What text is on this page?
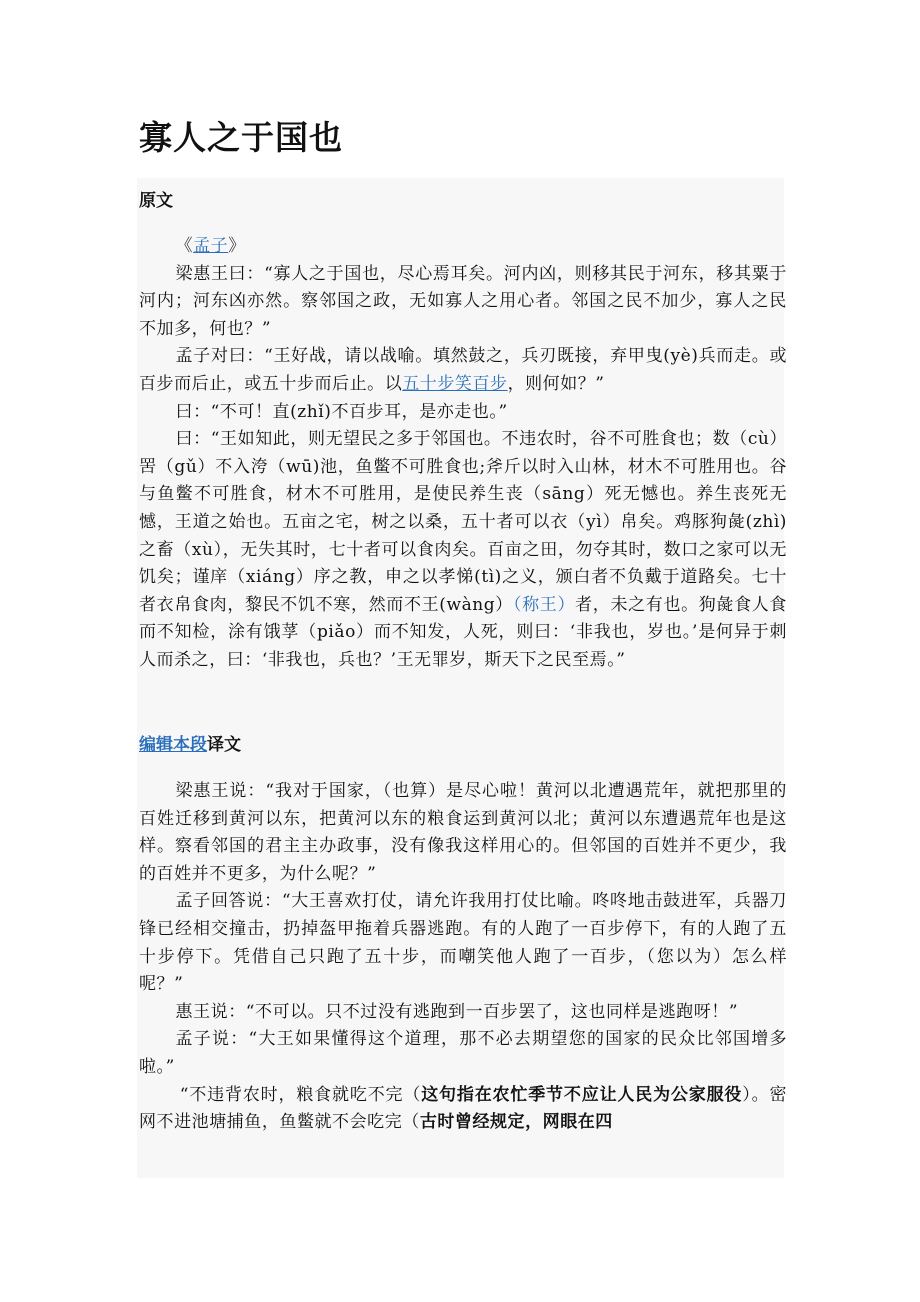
寡人之于国也
原文

《孟子》

梁惠王曰：“寡人之于国也，尽心焉耳矣。河内凶，则移其民于河东，移其粟于河内；河东凶亦然。察邻国之政，无如寡人之用心者。邻国之民不加少，寡人之民不加多，何也？”

孟子对曰：“王好战，请以战喻。填然鼓之，兵刃既接，弃甲曳(yè)兵而走。或百步而后止，或五十步而后止。以五十步笑百步，则何如？”

曰：“不可！直(zhǐ)不百步耳，是亦走也。”

曰：“王如知此，则无望民之多于邻国也。不违农时，谷不可胜食也；数（cù）罟（gǔ）不入洿（wū)池，鱼鳖不可胜食也;斧斤以时入山林，材木不可胜用也。谷与鱼鳖不可胜食，材木不可胜用，是使民养生丧（sāng）死无憾也。养生丧死无憾，王道之始也。五亩之宅，树之以桑，五十者可以衣（yì）帛矣。鸡豚狗彘(zhì)之畜（xù），无失其时，七十者可以食肉矣。百亩之田，勿夺其时，数口之家可以无饥矣；谨庠（xiáng）序之教，申之以孝悌(tì)之义，颁白者不负戴于道路矣。七十者衣帛食肉，黎民不饥不寒，然而不王(wàng）（称王）者，未之有也。狗彘食人食而不知检，涂有饿莩（piǎo）而不知发，人死，则曰：‘非我也，岁也。’是何异于刺人而杀之，曰：‘非我也，兵也？’王无罪岁，斯天下之民至焉。”

编辑本段译文

梁惠王说：“我对于国家，（也算）是尽心啦！黄河以北遭遇荒年，就把那里的百姓迁移到黄河以东，把黄河以东的粮食运到黄河以北；黄河以东遭遇荒年也是这样。察看邻国的君主主办政事，没有像我这样用心的。但邻国的百姓并不更少，我的百姓并不更多，为什么呢？”

孟子回答说：“大王喜欢打仗，请允许我用打仗比喻。咚咚地击鼓进军，兵器刀锋已经相交撞击，扔掉盔甲拖着兵器逃跑。有的人跑了一百步停下，有的人跑了五十步停下。凭借自己只跑了五十步，而嘲笑他人跑了一百步，（您以为）怎么样呢？”

惠王说：“不可以。只不过没有逃跑到一百步罢了，这也同样是逃跑呀！”

孟子说：“大王如果懂得这个道理，那不必去期望您的国家的民众比邻国增多啦。”

“不违背农时，粮食就吃不完（这句指在农忙季节不应让人民为公家服役）。密网不进池塘捕鱼，鱼鳖就不会吃完（古时曾经规定，网眼在四
